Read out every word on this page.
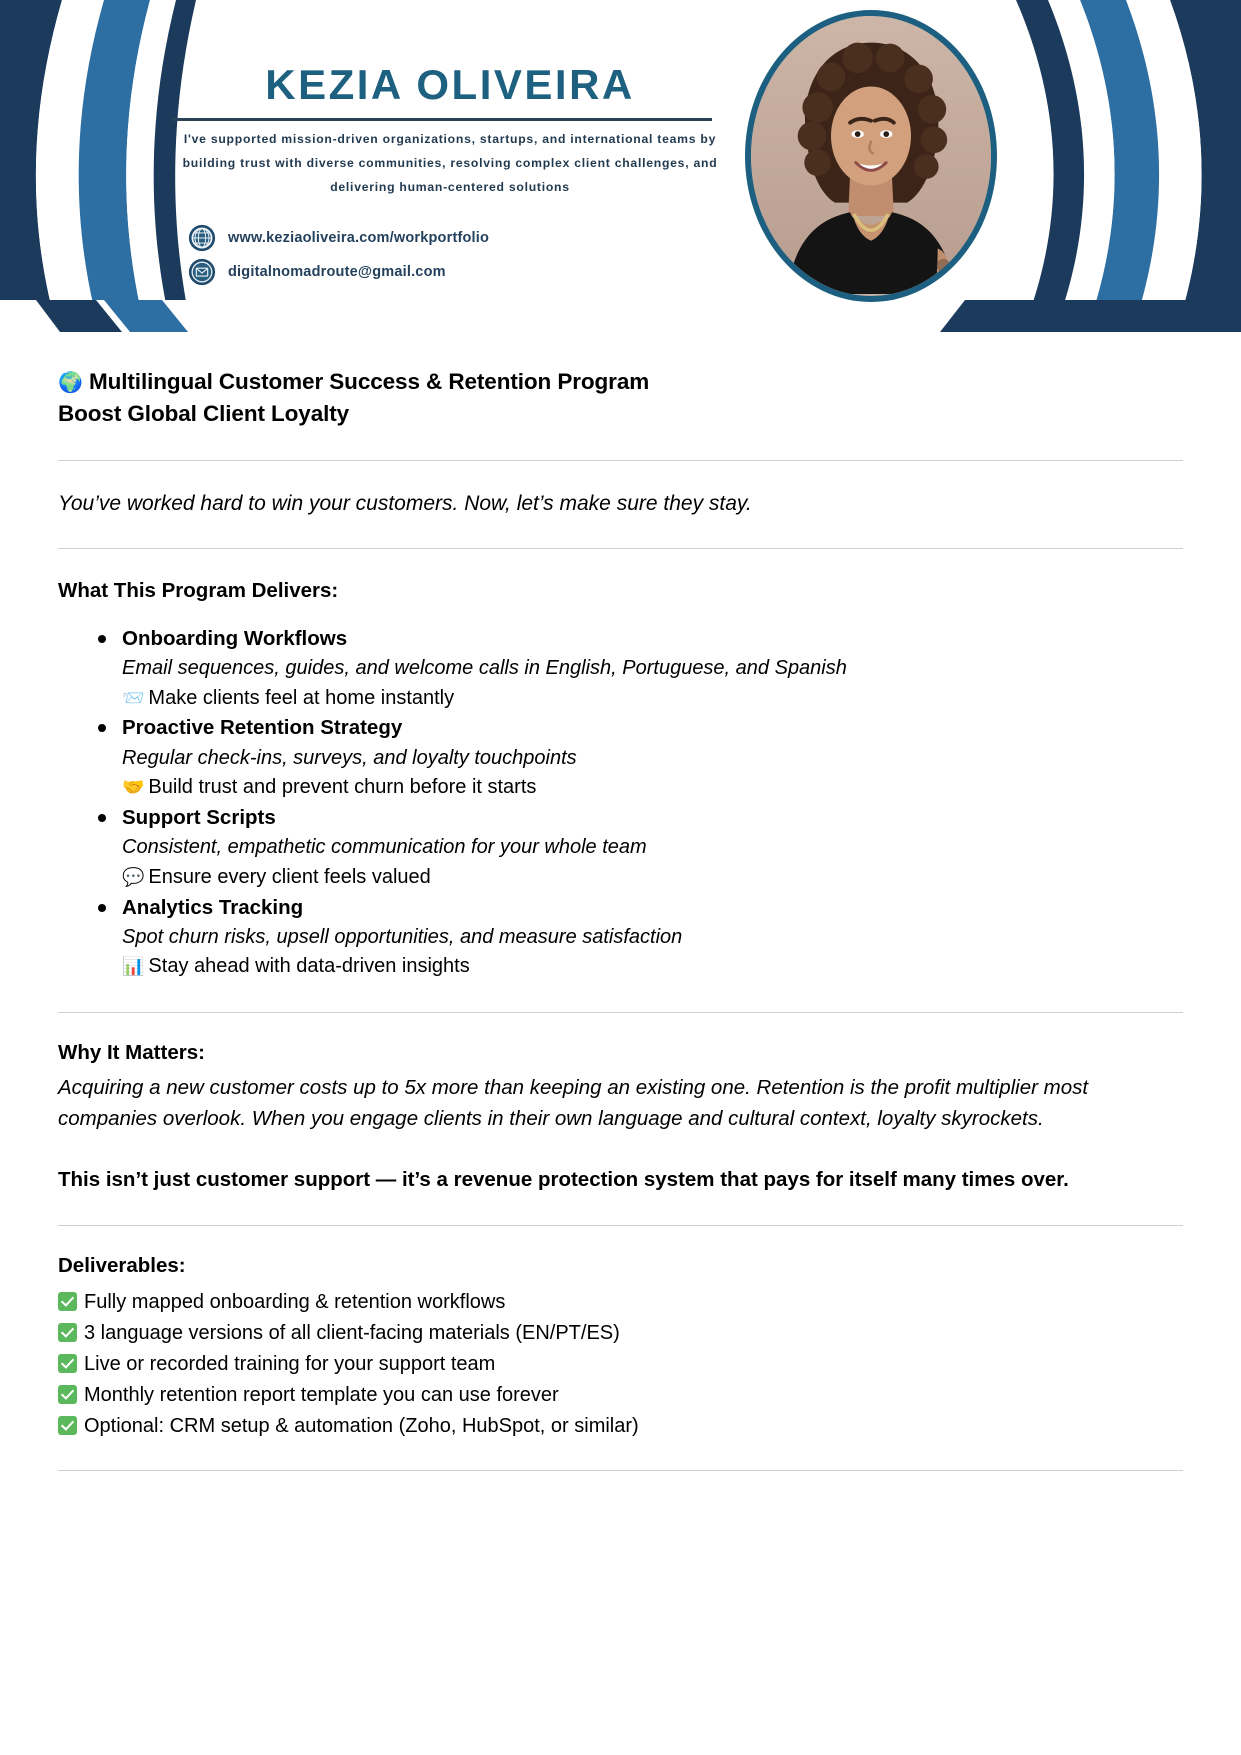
KEZIA OLIVEIRA
I've supported mission-driven organizations, startups, and international teams by building trust with diverse communities, resolving complex client challenges, and delivering human-centered solutions
www.keziaoliveira.com/workportfolio
digitalnomadroute@gmail.com
🌍 Multilingual Customer Success & Retention Program
Boost Global Client Loyalty
You’ve worked hard to win your customers. Now, let’s make sure they stay.
What This Program Delivers:
Onboarding Workflows
Email sequences, guides, and welcome calls in English, Portuguese, and Spanish
📨 Make clients feel at home instantly
Proactive Retention Strategy
Regular check-ins, surveys, and loyalty touchpoints
🤝 Build trust and prevent churn before it starts
Support Scripts
Consistent, empathetic communication for your whole team
💬 Ensure every client feels valued
Analytics Tracking
Spot churn risks, upsell opportunities, and measure satisfaction
📊 Stay ahead with data-driven insights
Why It Matters:
Acquiring a new customer costs up to 5x more than keeping an existing one. Retention is the profit multiplier most companies overlook. When you engage clients in their own language and cultural context, loyalty skyrockets.
This isn’t just customer support — it’s a revenue protection system that pays for itself many times over.
Deliverables:
Fully mapped onboarding & retention workflows
3 language versions of all client-facing materials (EN/PT/ES)
Live or recorded training for your support team
Monthly retention report template you can use forever
Optional: CRM setup & automation (Zoho, HubSpot, or similar)
